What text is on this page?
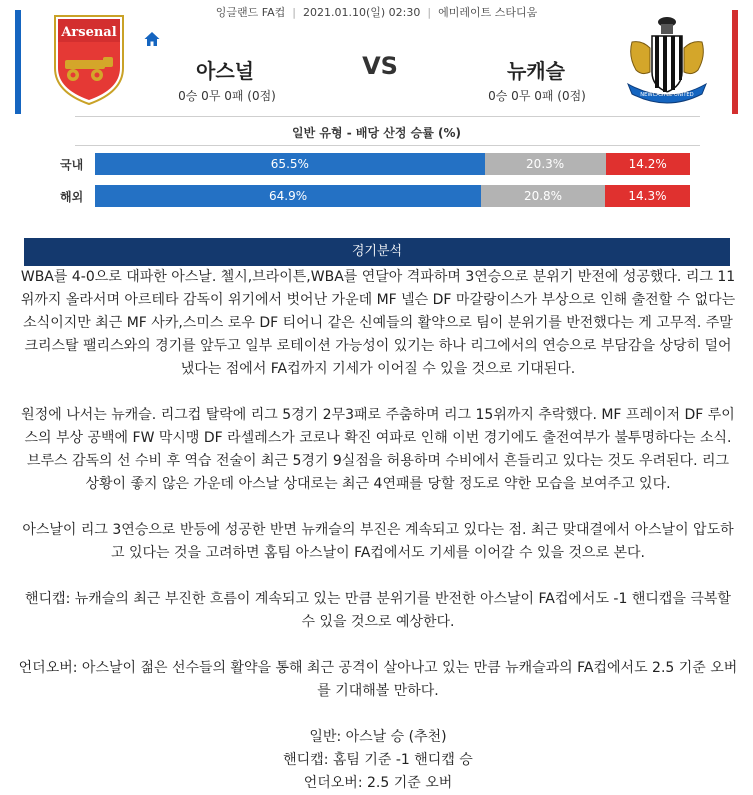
잉글랜드 FA컵 | 2021.01.10(일) 02:30 | 에미레이트 스타디움
Arsenal
아스널	VS	뉴캐슬
0승 0무 0패 (0점)	0승 0무 0패 (0점)	NEWCASTLE UNITED
일반 유형 - 배당 산정 승률 (%)
국내	65.5%	20.3%	14.2%
해외	64.9%	20.8%	14.3%
경기분석

WBA를 4-0으로 대파한 아스날. 첼시,브라이튼,WBA를 연달아 격파하며 3연승으로 분위기 반전에 성공했다. 리그 11위까지 올라서며 아르테타 감독이 위기에서 벗어난 가운데 MF 넬슨 DF 마갈랑이스가 부상으로 인해 출전할 수 없다는 소식이지만 최근 MF 사카,스미스 로우 DF 티어니 같은 신예들의 활약으로 팀이 분위기를 반전했다는 게 고무적. 주말 크리스탈 팰리스와의 경기를 앞두고 일부 로테이션 가능성이 있기는 하나 리그에서의 연승으로 부담감을 상당히 덜어냈다는 점에서 FA컵까지 기세가 이어질 수 있을 것으로 기대된다.

원정에 나서는 뉴캐슬. 리그컵 탈락에 리그 5경기 2무3패로 주춤하며 리그 15위까지 추락했다. MF 프레이저 DF 루이스의 부상 공백에 FW 막시맹 DF 라셀레스가 코로나 확진 여파로 인해 이번 경기에도 출전여부가 불투명하다는 소식. 브루스 감독의 선 수비 후 역습 전술이 최근 5경기 9실점을 허용하며 수비에서 흔들리고 있다는 것도 우려된다. 리그 상황이 좋지 않은 가운데 아스날 상대로는 최근 4연패를 당할 정도로 약한 모습을 보여주고 있다.

아스날이 리그 3연승으로 반등에 성공한 반면 뉴캐슬의 부진은 계속되고 있다는 점. 최근 맞대결에서 아스날이 압도하고 있다는 것을 고려하면 홈팀 아스날이 FA컵에서도 기세를 이어갈 수 있을 것으로 본다.

핸디캡: 뉴캐슬의 최근 부진한 흐름이 계속되고 있는 만큼 분위기를 반전한 아스날이 FA컵에서도 -1 핸디캡을 극복할 수 있을 것으로 예상한다.

언더오버: 아스날이 젊은 선수들의 활약을 통해 최근 공격이 살아나고 있는 만큼 뉴캐슬과의 FA컵에서도 2.5 기준 오버를 기대해볼 만하다.

일반: 아스날 승 (추천)
핸디캡: 홈팀 기준 -1 핸디캡 승
언더오버: 2.5 기준 오버
